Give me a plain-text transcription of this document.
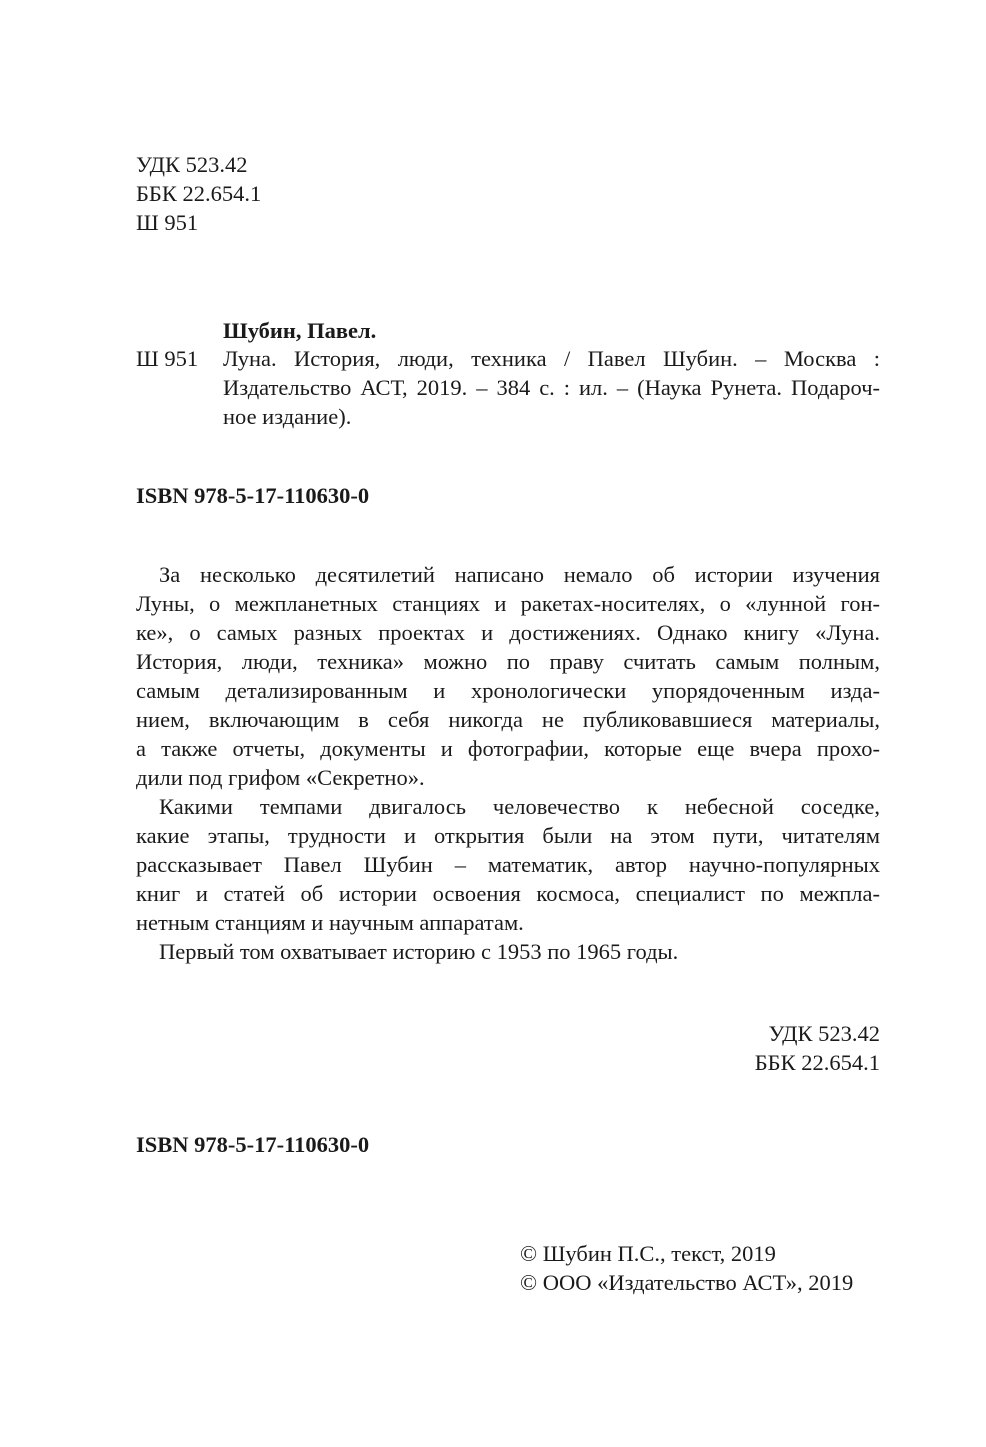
УДК 523.42
ББК 22.654.1
Ш 951
Шубин, Павел.
Ш 951 Луна. История, люди, техника / Павел Шубин. – Москва :
Издательство АСТ, 2019. – 384 с. : ил. – (Наука Рунета. Подароч-
ное издание).
ISBN 978-5-17-110630-0
За несколько десятилетий написано немало об истории изучения
Луны, о межпланетных станциях и ракетах-носителях, о «лунной гон-
ке», о самых разных проектах и достижениях. Однако книгу «Луна.
История, люди, техника» можно по праву считать самым полным,
самым детализированным и хронологически упорядоченным изда-
нием, включающим в себя никогда не публиковавшиеся материалы,
а также отчеты, документы и фотографии, которые еще вчера прохо-
дили под грифом «Секретно».
Какими темпами двигалось человечество к небесной соседке,
какие этапы, трудности и открытия были на этом пути, читателям
рассказывает Павел Шубин – математик, автор научно-популярных
книг и статей об истории освоения космоса, специалист по межпла-
нетным станциям и научным аппаратам.
Первый том охватывает историю с 1953 по 1965 годы.
УДК 523.42
ББК 22.654.1
ISBN 978-5-17-110630-0
© Шубин П.С., текст, 2019
© ООО «Издательство АСТ», 2019
